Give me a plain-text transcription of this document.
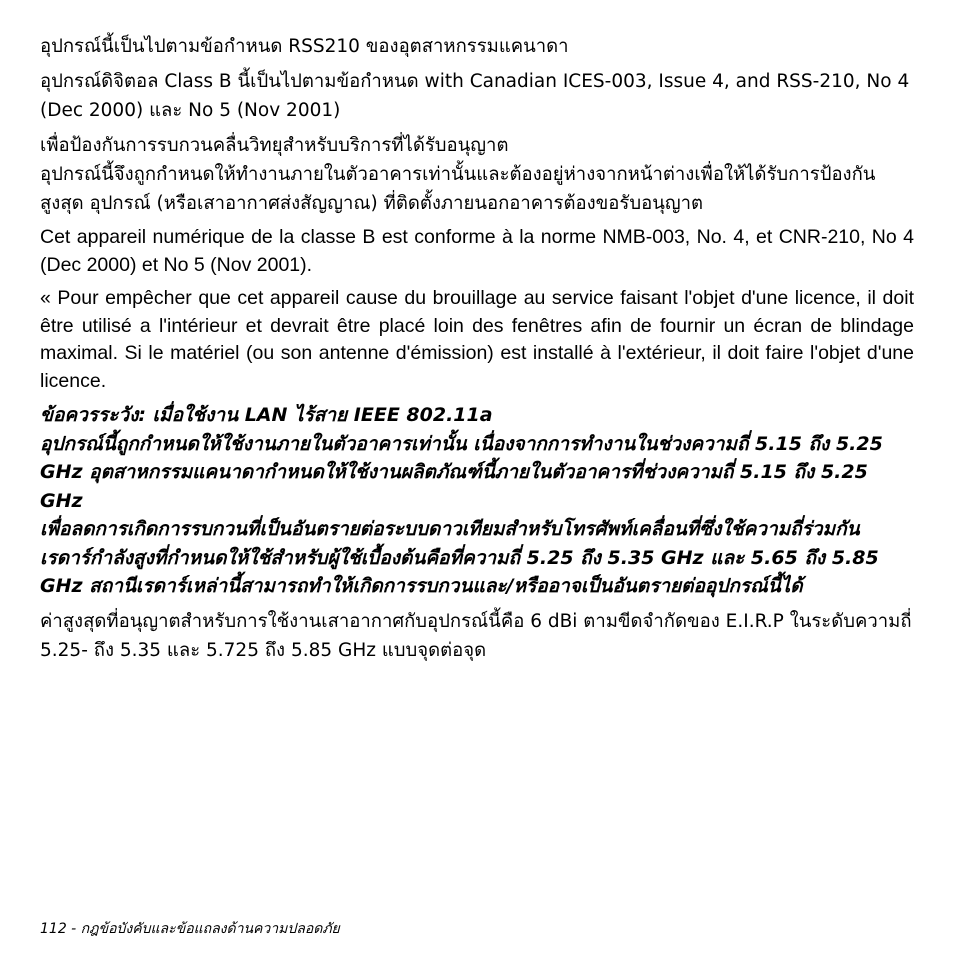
อุปกรณ์นี้เป็นไปตามข้อกำหนด RSS210 ของอุตสาหกรรมแคนาดา

อุปกรณ์ดิจิตอล Class B นี้เป็นไปตามข้อกำหนด with Canadian ICES-003, Issue 4, and RSS-210, No 4 (Dec 2000) และ No 5 (Nov 2001)

เพื่อป้องกันการรบกวนคลื่นวิทยุสำหรับบริการที่ได้รับอนุญาต

อุปกรณ์นี้จึงถูกกำหนดให้ทำงานภายในตัวอาคารเท่านั้นและต้องอยู่ห่างจากหน้าต่างเพื่อให้ได้รับการป้องกันสูงสุด อุปกรณ์ (หรือเสาอากาศส่งสัญญาณ) ที่ติดตั้งภายนอกอาคารต้องขอรับอนุญาต

Cet appareil numérique de la classe B est conforme à la norme NMB-003, No. 4, et CNR-210, No 4 (Dec 2000) et No 5 (Nov 2001).

« Pour empêcher que cet appareil cause du brouillage au service faisant l'objet d'une licence, il doit être utilisé a l'intérieur et devrait être placé loin des fenêtres afin de fournir un écran de blindage maximal. Si le matériel (ou son antenne d'émission) est installé à l'extérieur, il doit faire l'objet d'une licence.

ข้อควรระวัง: เมื่อใช้งาน LAN ไร้สาย IEEE 802.11a
อุปกรณ์นี้ถูกกำหนดให้ใช้งานภายในตัวอาคารเท่านั้น เนื่องจากการทำงานในช่วงความถี่ 5.15 ถึง 5.25 GHz อุตสาหกรรมแคนาดากำหนดให้ใช้งานผลิตภัณฑ์นี้ภายในตัวอาคารที่ช่วงความถี่ 5.15 ถึง 5.25 GHz
เพื่อลดการเกิดการรบกวนที่เป็นอันตรายต่อระบบดาวเทียมสำหรับโทรศัพท์เคลื่อนที่ซึ่งใช้ความถี่ร่วมกัน เรดาร์กำลังสูงที่กำหนดให้ใช้สำหรับผู้ใช้เบื้องต้นคือที่ความถี่ 5.25 ถึง 5.35 GHz และ 5.65 ถึง 5.85 GHz สถานีเรดาร์เหล่านี้สามารถทำให้เกิดการรบกวนและ/หรืออาจเป็นอันตรายต่ออุปกรณ์นี้ได้

ค่าสูงสุดที่อนุญาตสำหรับการใช้งานเสาอากาศกับอุปกรณ์นี้คือ 6 dBi ตามขีดจำกัดของ E.I.R.P ในระดับความถี่ 5.25- ถึง 5.35 และ 5.725 ถึง 5.85 GHz แบบจุดต่อจุด

112 - กฎข้อบังคับและข้อแถลงด้านความปลอดภัย
